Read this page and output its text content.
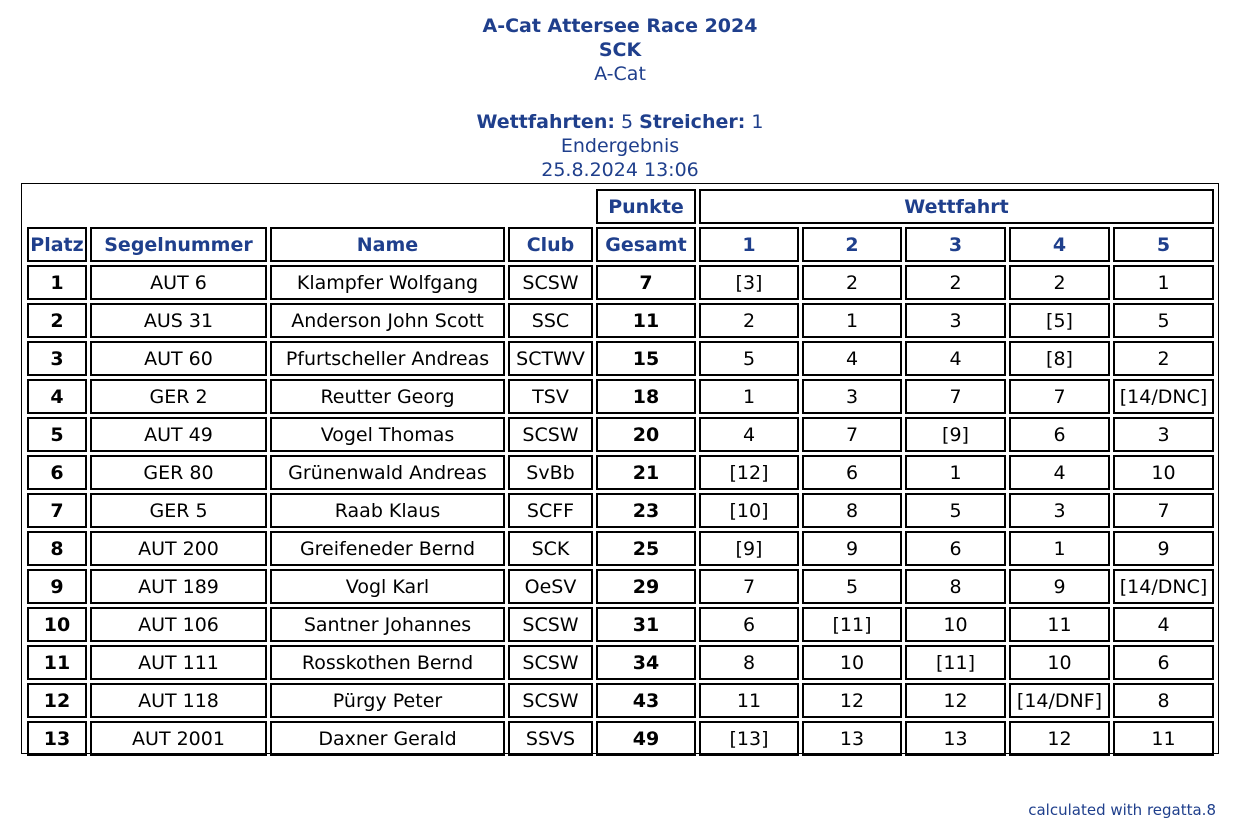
A-Cat Attersee Race 2024
SCK
A-Cat
Wettfahrten: 5 Streicher: 1
Endergebnis
25.8.2024 13:06
				Punkte	Wettfahrt				
Platz	Segelnummer	Name	Club	Gesamt	1	2	3	4	5
1	AUT 6	Klampfer Wolfgang	SCSW	7	[3]	2	2	2	1
2	AUS 31	Anderson John Scott	SSC	11	2	1	3	[5]	5
3	AUT 60	Pfurtscheller Andreas	SCTWV	15	5	4	4	[8]	2
4	GER 2	Reutter Georg	TSV	18	1	3	7	7	[14/DNC]
5	AUT 49	Vogel Thomas	SCSW	20	4	7	[9]	6	3
6	GER 80	Grünenwald Andreas	SvBb	21	[12]	6	1	4	10
7	GER 5	Raab Klaus	SCFF	23	[10]	8	5	3	7
8	AUT 200	Greifeneder Bernd	SCK	25	[9]	9	6	1	9
9	AUT 189	Vogl Karl	OeSV	29	7	5	8	9	[14/DNC]
10	AUT 106	Santner Johannes	SCSW	31	6	[11]	10	11	4
11	AUT 111	Rosskothen Bernd	SCSW	34	8	10	[11]	10	6
12	AUT 118	Pürgy Peter	SCSW	43	11	12	12	[14/DNF]	8
13	AUT 2001	Daxner Gerald	SSVS	49	[13]	13	13	12	11
calculated with regatta.8
